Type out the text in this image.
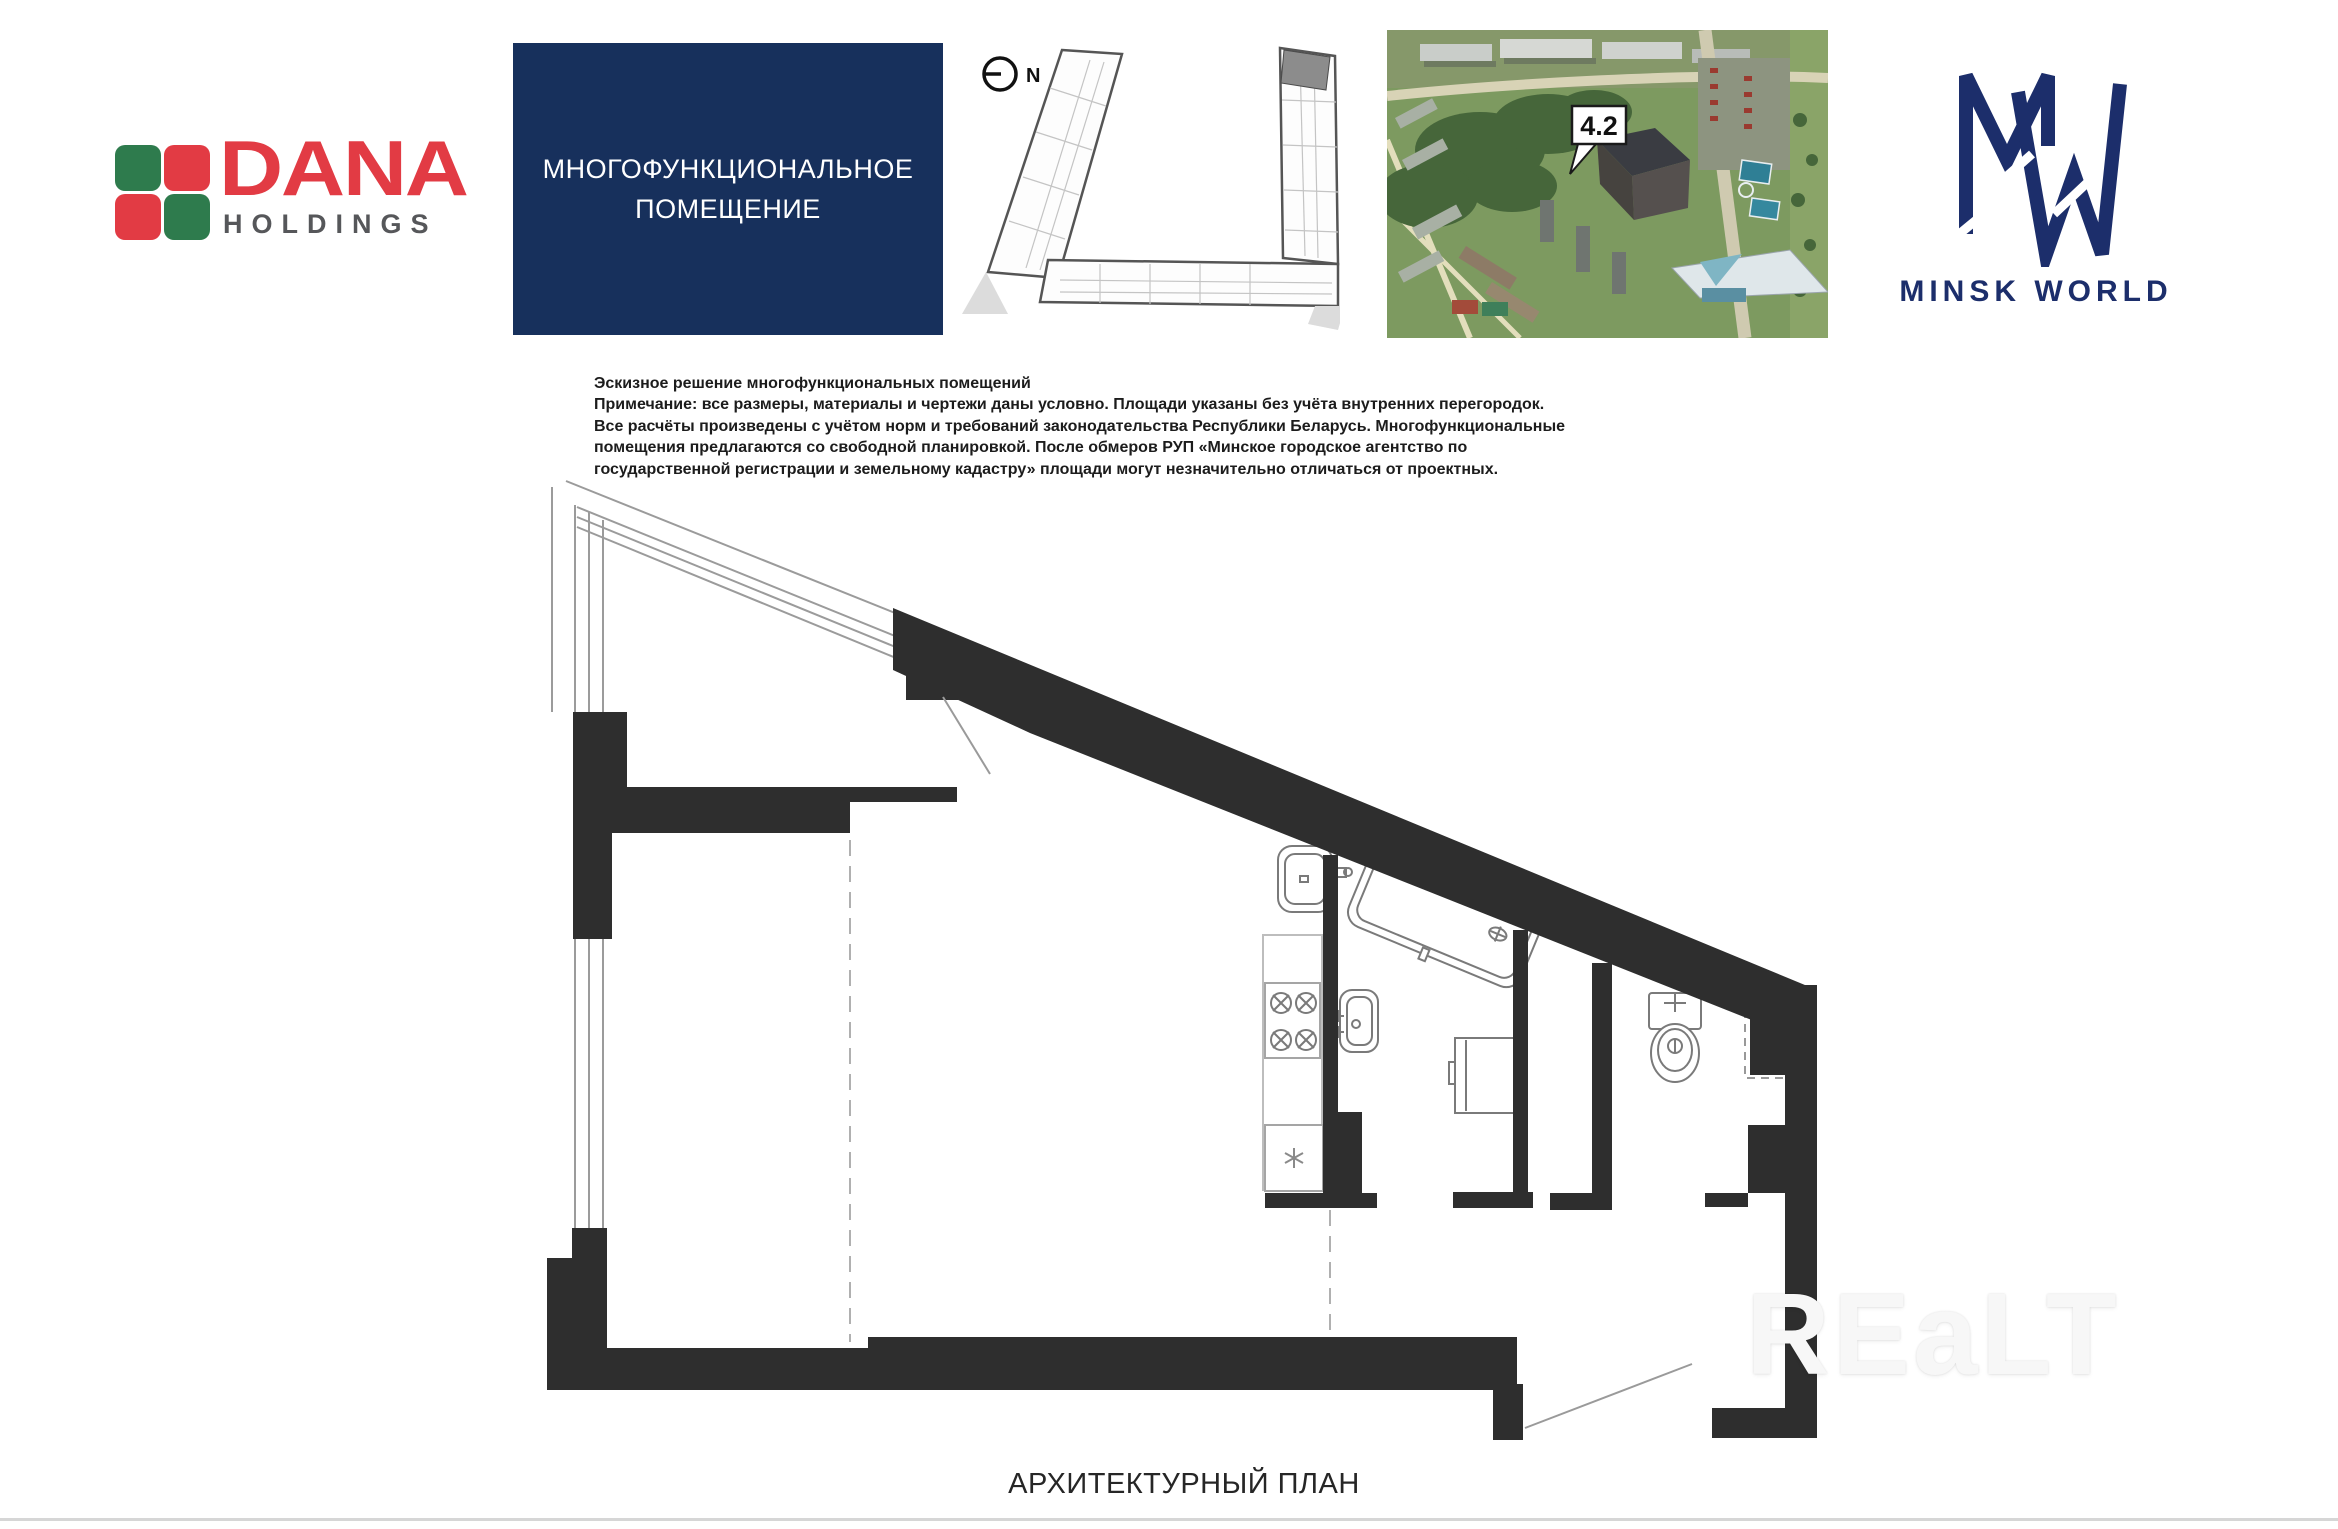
DANA
HOLDINGS
МНОГОФУНКЦИОНАЛЬНОЕ
ПОМЕЩЕНИЕ
N
4.2
MINSK WORLD
Эскизное решение многофункциональных помещений
Примечание: все размеры, материалы и чертежи даны условно. Площади указаны без учёта внутренних перегородок.
Все расчёты произведены с учётом норм и требований законодательства Республики Беларусь. Многофункциональные
помещения предлагаются со свободной планировкой. После обмеров РУП «Минское городское агентство по
государственной регистрации и земельному кадастру» площади могут незначительно отличаться от проектных.
АРХИТЕКТУРНЫЙ ПЛАН
REaLT
